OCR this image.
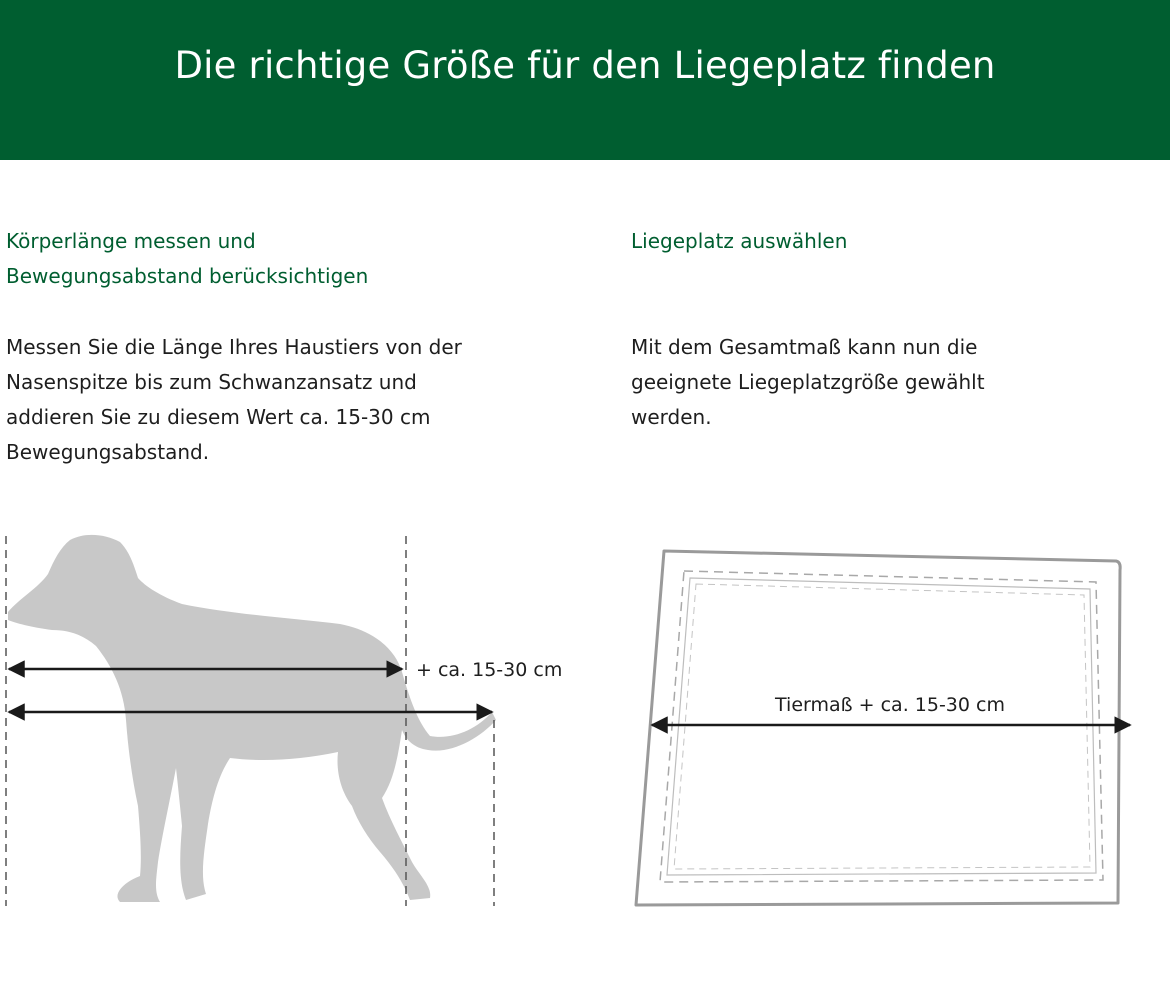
Die richtige Größe für den Liegeplatz finden
Körperlänge messen und
Bewegungsabstand berücksichtigen
Liegeplatz auswählen

Messen Sie die Länge Ihres Haustiers von der
Nasenspitze bis zum Schwanzansatz und
addieren Sie zu diesem Wert ca. 15-30 cm
Bewegungsabstand.

Mit dem Gesamtmaß kann nun die
geeignete Liegeplatzgröße gewählt
werden.

+ ca. 15-30 cm
Tiermaß + ca. 15-30 cm
